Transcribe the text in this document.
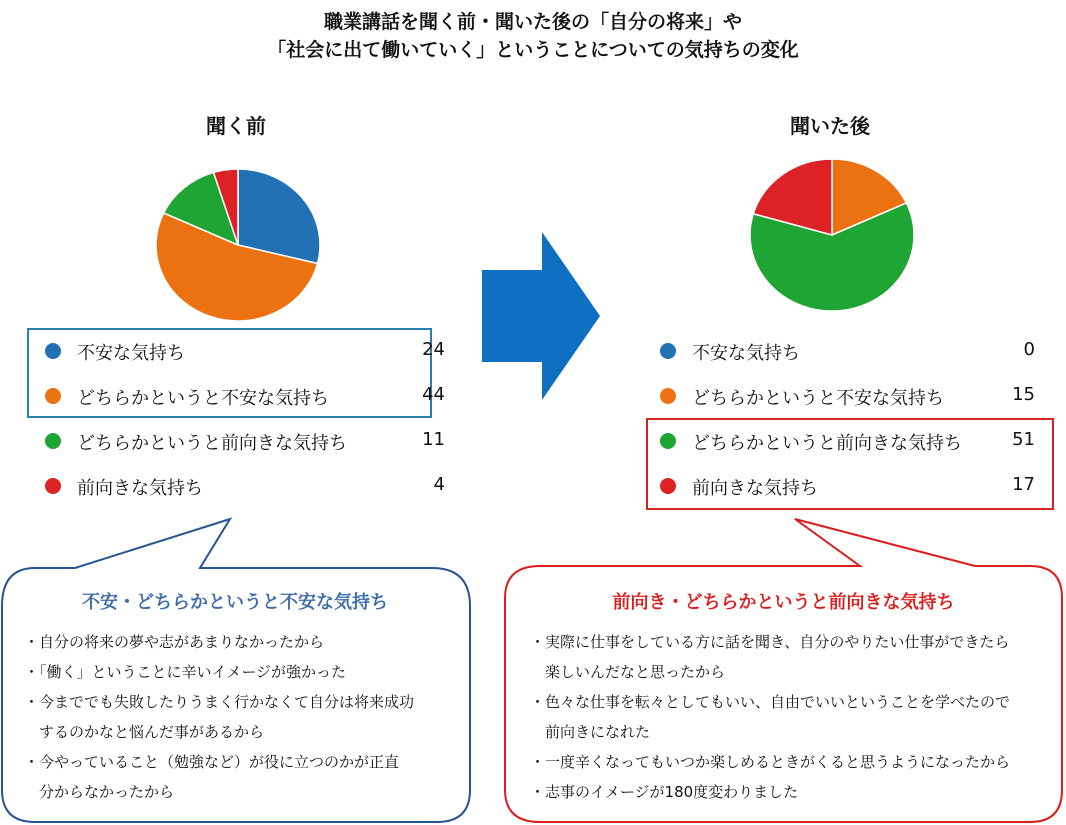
職業講話を聞く前・聞いた後の「自分の将来」や
「社会に出て働いていく」ということについての気持ちの変化
聞く前	聞いた後
不安な気持ち	24
どちらかというと不安な気持ち	44
どちらかというと前向きな気持ち	11
前向きな気持ち	4
不安な気持ち	0
どちらかというと不安な気持ち	15
どちらかというと前向きな気持ち	51
前向きな気持ち	17
不安・どちらかというと不安な気持ち
・自分の将来の夢や志があまりなかったから
・「働く」ということに辛いイメージが強かった
・今まででも失敗したりうまく行かなくて自分は将来成功
　するのかなと悩んだ事があるから
・今やっていること（勉強など）が役に立つのかが正直
　分からなかったから
前向き・どちらかというと前向きな気持ち
・実際に仕事をしている方に話を聞き、自分のやりたい仕事ができたら
　楽しいんだなと思ったから
・色々な仕事を転々としてもいい、自由でいいということを学べたので
　前向きになれた
・一度辛くなってもいつか楽しめるときがくると思うようになったから
・志事のイメージが180度変わりました
